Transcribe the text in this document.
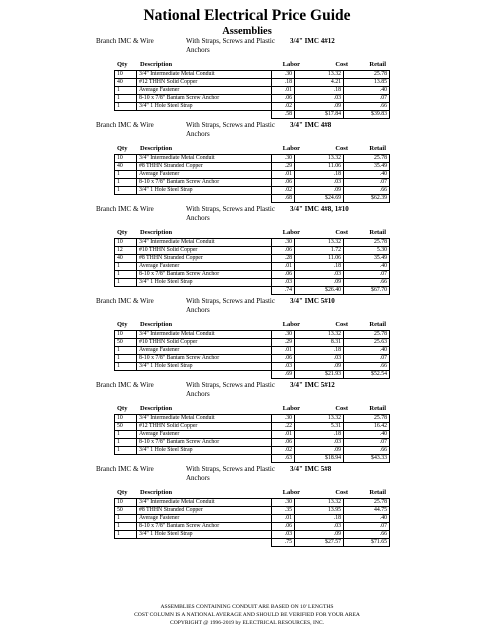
National Electrical Price Guide
Assemblies
Branch IMC & Wire	With Straps, Screws and Plastic Anchors
3/4" IMC 4#12
Qty Description	Labor	Cost	Retail
10	3/4" Intermediate Metal Conduit	.30	13.32	25.78
40	#12 THHN Solid Copper	.18	4.21	13.85
1	Average Fastener	.01	.18	.40
1	8-10 x 7/8" Bantam Screw Anchor	.06	.03	.07
1	3/4" 1 Hole Steel Strap	.02	.09	.66
		.58	$17.84	$39.83
Branch IMC & Wire	With Straps, Screws and Plastic Anchors
3/4" IMC 4#8
Qty Description	Labor	Cost	Retail
10	3/4" Intermediate Metal Conduit	.30	13.32	25.78
40	#8 THHN Stranded Copper	.29	11.06	35.49
1	Average Fastener	.01	.18	.40
1	8-10 x 7/8" Bantam Screw Anchor	.06	.03	.07
1	3/4" 1 Hole Steel Strap	.02	.09	.66
		.68	$24.69	$62.39
Branch IMC & Wire	With Straps, Screws and Plastic Anchors
3/4" IMC 4#8, 1#10
Qty Description	Labor	Cost	Retail
10	3/4" Intermediate Metal Conduit	.30	13.32	25.78
12	#10 THHN Solid Copper	.06	1.72	5.30
40	#8 THHN Stranded Copper	.28	11.06	35.49
1	Average Fastener	.01	.18	.40
1	8-10 x 7/8" Bantam Screw Anchor	.06	.03	.07
1	3/4" 1 Hole Steel Strap	.03	.09	.66
		.74	$26.40	$67.70
Branch IMC & Wire	With Straps, Screws and Plastic Anchors
3/4" IMC 5#10
Qty Description	Labor	Cost	Retail
10	3/4" Intermediate Metal Conduit	.30	13.32	25.78
50	#10 THHN Solid Copper	.29	8.31	25.63
1	Average Fastener	.01	.18	.40
1	8-10 x 7/8" Bantam Screw Anchor	.06	.03	.07
1	3/4" 1 Hole Steel Strap	.03	.09	.66
		.69	$21.93	$52.54
Branch IMC & Wire	With Straps, Screws and Plastic Anchors
3/4" IMC 5#12
Qty Description	Labor	Cost	Retail
10	3/4" Intermediate Metal Conduit	.30	13.32	25.78
50	#12 THHN Solid Copper	.22	5.31	16.42
1	Average Fastener	.01	.18	.40
1	8-10 x 7/8" Bantam Screw Anchor	.06	.03	.07
1	3/4" 1 Hole Steel Strap	.02	.09	.66
		.63	$18.94	$43.33
Branch IMC & Wire	With Straps, Screws and Plastic Anchors
3/4" IMC 5#8
Qty Description	Labor	Cost	Retail
10	3/4" Intermediate Metal Conduit	.30	13.32	25.78
50	#8 THHN Stranded Copper	.35	13.95	44.75
1	Average Fastener	.01	.18	.40
1	8-10 x 7/8" Bantam Screw Anchor	.06	.03	.07
1	3/4" 1 Hole Steel Strap	.03	.09	.66
		.75	$27.57	$71.65
ASSEMBLIES CONTAINING CONDUIT ARE BASED ON 10' LENGTHS
COST COLUMN IS A NATIONAL AVERAGE AND SHOULD BE VERIFIED FOR YOUR AREA
COPYRIGHT @ 1996-2019 by ELECTRICAL RESOURCES, INC.
